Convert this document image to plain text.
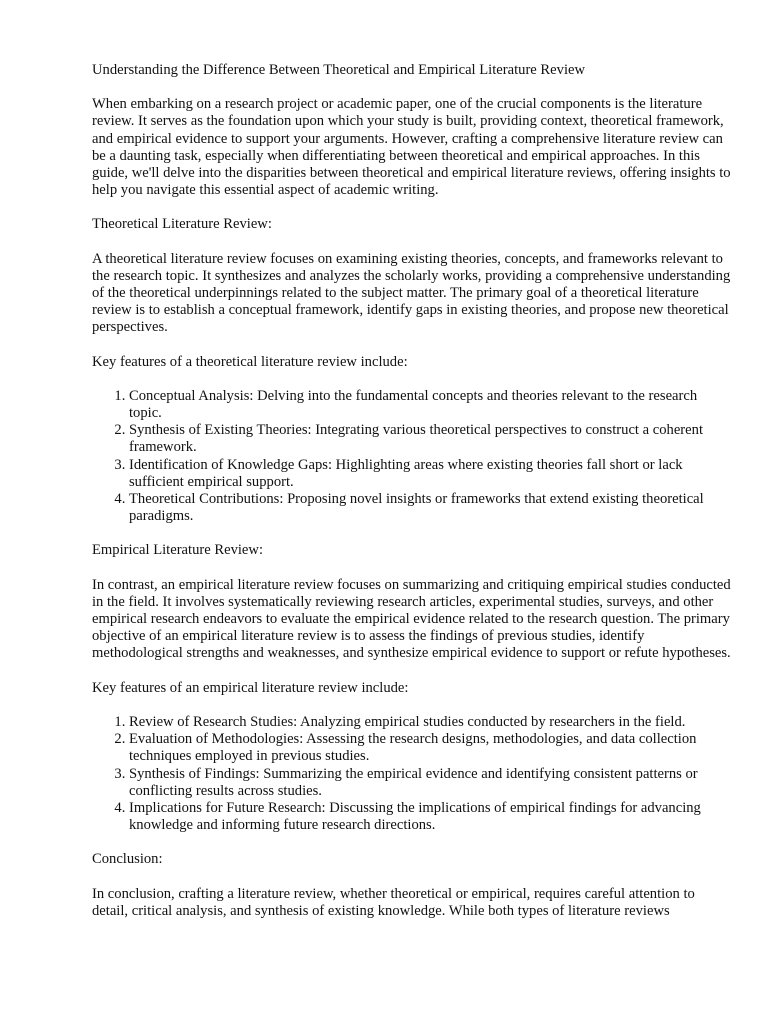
Understanding the Difference Between Theoretical and Empirical Literature Review

When embarking on a research project or academic paper, one of the crucial components is the literature review. It serves as the foundation upon which your study is built, providing context, theoretical framework, and empirical evidence to support your arguments. However, crafting a comprehensive literature review can be a daunting task, especially when differentiating between theoretical and empirical approaches. In this guide, we'll delve into the disparities between theoretical and empirical literature reviews, offering insights to help you navigate this essential aspect of academic writing.

Theoretical Literature Review:

A theoretical literature review focuses on examining existing theories, concepts, and frameworks relevant to the research topic. It synthesizes and analyzes the scholarly works, providing a comprehensive understanding of the theoretical underpinnings related to the subject matter. The primary goal of a theoretical literature review is to establish a conceptual framework, identify gaps in existing theories, and propose new theoretical perspectives.

Key features of a theoretical literature review include:

1. Conceptual Analysis: Delving into the fundamental concepts and theories relevant to the research topic.
2. Synthesis of Existing Theories: Integrating various theoretical perspectives to construct a coherent framework.
3. Identification of Knowledge Gaps: Highlighting areas where existing theories fall short or lack sufficient empirical support.
4. Theoretical Contributions: Proposing novel insights or frameworks that extend existing theoretical paradigms.

Empirical Literature Review:

In contrast, an empirical literature review focuses on summarizing and critiquing empirical studies conducted in the field. It involves systematically reviewing research articles, experimental studies, surveys, and other empirical research endeavors to evaluate the empirical evidence related to the research question. The primary objective of an empirical literature review is to assess the findings of previous studies, identify methodological strengths and weaknesses, and synthesize empirical evidence to support or refute hypotheses.

Key features of an empirical literature review include:

1. Review of Research Studies: Analyzing empirical studies conducted by researchers in the field.
2. Evaluation of Methodologies: Assessing the research designs, methodologies, and data collection techniques employed in previous studies.
3. Synthesis of Findings: Summarizing the empirical evidence and identifying consistent patterns or conflicting results across studies.
4. Implications for Future Research: Discussing the implications of empirical findings for advancing knowledge and informing future research directions.

Conclusion:

In conclusion, crafting a literature review, whether theoretical or empirical, requires careful attention to detail, critical analysis, and synthesis of existing knowledge. While both types of literature reviews
